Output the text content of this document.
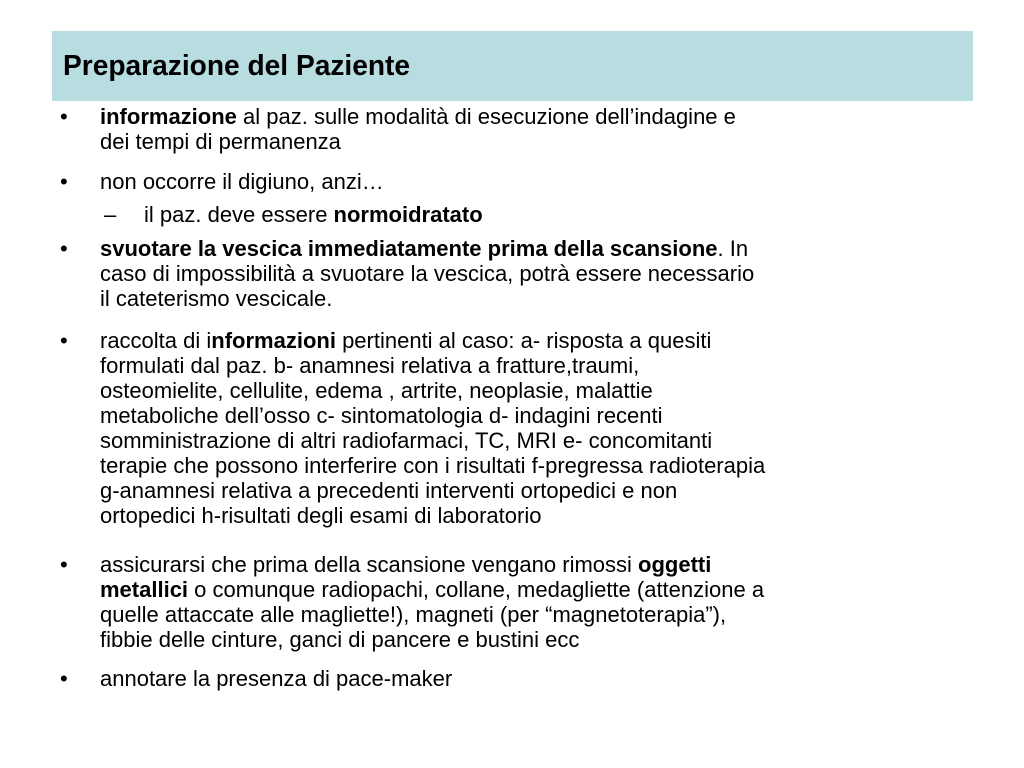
Preparazione del Paziente
• informazione al paz. sulle modalità di esecuzione dell’indagine e
dei tempi di permanenza
• non occorre il digiuno, anzi…
– il paz. deve essere normoidratato
• svuotare la vescica immediatamente prima della scansione. In
caso di impossibilità a svuotare la vescica, potrà essere necessario
il cateterismo vescicale.
• raccolta di informazioni pertinenti al caso: a- risposta a quesiti
formulati dal paz. b- anamnesi relativa a fratture,traumi,
osteomielite, cellulite, edema , artrite, neoplasie, malattie
metaboliche dell’osso c- sintomatologia d- indagini recenti
somministrazione di altri radiofarmaci, TC, MRI e- concomitanti
terapie che possono interferire con i risultati f-pregressa radioterapia
g-anamnesi relativa a precedenti interventi ortopedici e non
ortopedici h-risultati degli esami di laboratorio
• assicurarsi che prima della scansione vengano rimossi oggetti
metallici o comunque radiopachi, collane, medagliette (attenzione a
quelle attaccate alle magliette!), magneti (per “magnetoterapia”),
fibbie delle cinture, ganci di pancere e bustini ecc
• annotare la presenza di pace-maker
